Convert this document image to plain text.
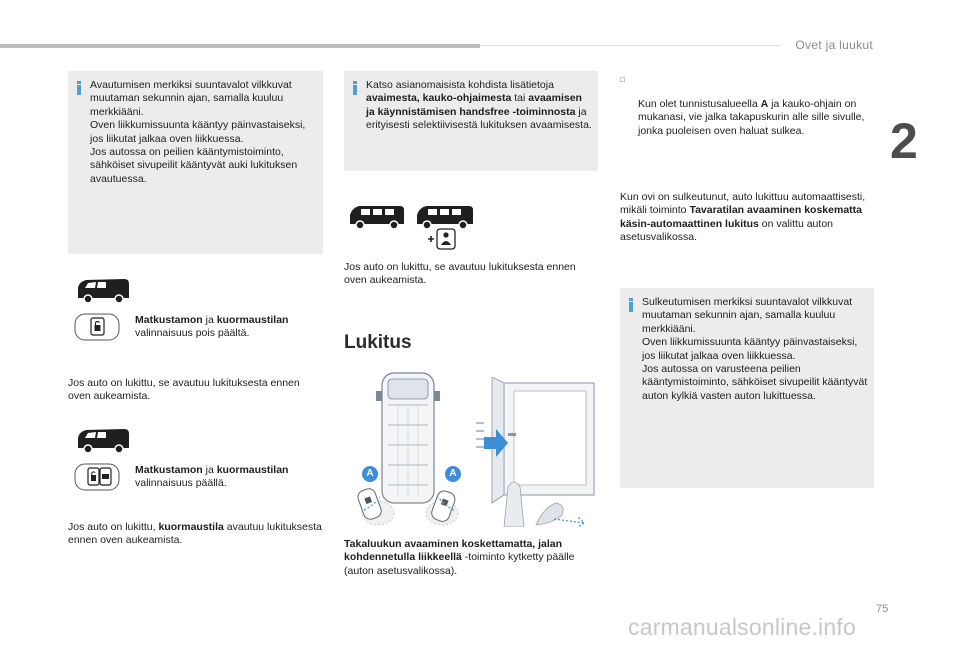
Ovet ja luukut
2
Avautumisen merkiksi suuntavalot vilkkuvat muutaman sekunnin ajan, samalla kuuluu merkkiääni.
Oven liikkumissuunta kääntyy päinvastaiseksi, jos liikutat jalkaa oven liikkuessa.
Jos autossa on peilien kääntymistoiminto, sähköiset sivupeilit kääntyvät auki lukituksen avautuessa.
Matkustamon ja kuormaustilan
valinnaisuus pois päältä.
Jos auto on lukittu, se avautuu lukituksesta ennen oven aukeamista.
Matkustamon ja kuormaustilan
valinnaisuus päällä.
Jos auto on lukittu, kuormaustila avautuu lukituksesta ennen oven aukeamista.
Katso asianomaisista kohdista lisätietoja avaimesta, kauko-ohjaimesta tai avaamisen ja käynnistämisen handsfree -toiminnosta ja erityisesti selektiivisestä lukituksen avaamisesta.
Jos auto on lukittu, se avautuu lukituksesta ennen oven aukeamista.
Lukitus
A	A
Takaluukun avaaminen koskettamatta, jalan kohdennetulla liikkeellä -toiminto kytketty päälle (auton asetusvalikossa).

□

Kun olet tunnistusalueella A ja kauko-ohjain on mukanasi, vie jalka takapuskurin alle sille sivulle, jonka puoleisen oven haluat sulkea.

Kun ovi on sulkeutunut, auto lukittuu automaattisesti, mikäli toiminto Tavaratilan avaaminen koskematta käsin-automaattinen lukitus on valittu auton asetusvalikossa.
Sulkeutumisen merkiksi suuntavalot vilkkuvat muutaman sekunnin ajan, samalla kuuluu merkkiääni.
Oven liikkumissuunta kääntyy päinvastaiseksi, jos liikutat jalkaa oven liikkuessa.
Jos autossa on varusteena peilien kääntymistoiminto, sähköiset sivupeilit kääntyvät auton kylkiä vasten auton lukittuessa.
75
carmanualsonline.info
